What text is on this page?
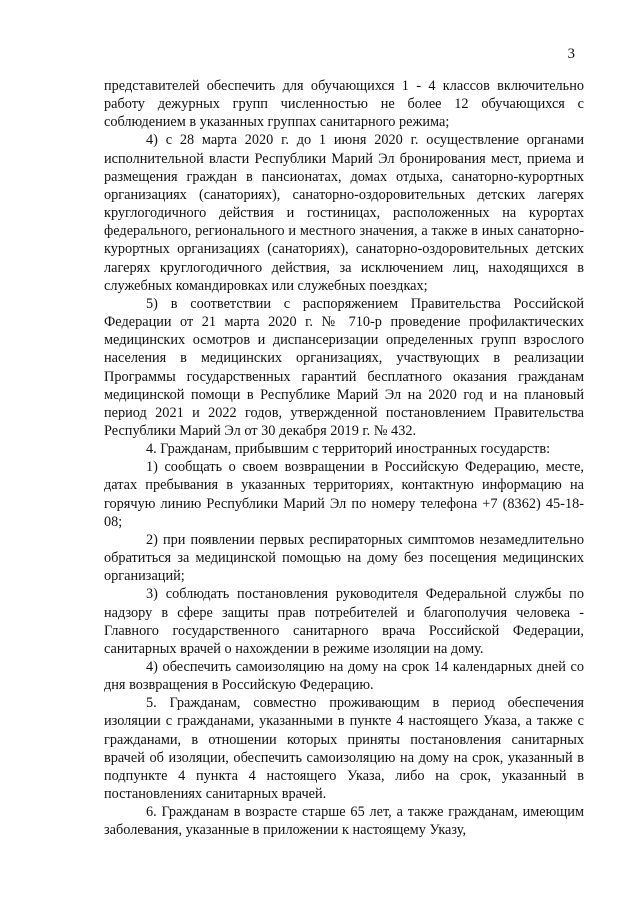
3

представителей обеспечить для обучающихся 1 - 4 классов включительно работу дежурных групп численностью не более 12 обучающихся с соблюдением в указанных группах санитарного режима;

4) с 28 марта 2020 г. до 1 июня 2020 г. осуществление органами исполнительной власти Республики Марий Эл бронирования мест, приема и размещения граждан в пансионатах, домах отдыха, санаторно-курортных организациях (санаториях), санаторно-оздоровительных детских лагерях круглогодичного действия и гостиницах, расположенных на курортах федерального, регионального и местного значения, а также в иных санаторно-курортных организациях (санаториях), санаторно-оздоровительных детских лагерях круглогодичного действия, за исключением лиц, находящихся в служебных командировках или служебных поездках;

5) в соответствии с распоряжением Правительства Российской Федерации от 21 марта 2020 г. № 710-р проведение профилактических медицинских осмотров и диспансеризации определенных групп взрослого населения в медицинских организациях, участвующих в реализации Программы государственных гарантий бесплатного оказания гражданам медицинской помощи в Республике Марий Эл на 2020 год и на плановый период 2021 и 2022 годов, утвержденной постановлением Правительства Республики Марий Эл от 30 декабря 2019 г. № 432.

4. Гражданам, прибывшим с территорий иностранных государств:

1) сообщать о своем возвращении в Российскую Федерацию, месте, датах пребывания в указанных территориях, контактную информацию на горячую линию Республики Марий Эл по номеру телефона +7 (8362) 45-18-08;

2) при появлении первых респираторных симптомов незамедлительно обратиться за медицинской помощью на дому без посещения медицинских организаций;

3) соблюдать постановления руководителя Федеральной службы по надзору в сфере защиты прав потребителей и благополучия человека - Главного государственного санитарного врача Российской Федерации, санитарных врачей о нахождении в режиме изоляции на дому.

4) обеспечить самоизоляцию на дому на срок 14 календарных дней со дня возвращения в Российскую Федерацию.

5. Гражданам, совместно проживающим в период обеспечения изоляции с гражданами, указанными в пункте 4 настоящего Указа, а также с гражданами, в отношении которых приняты постановления санитарных врачей об изоляции, обеспечить самоизоляцию на дому на срок, указанный в подпункте 4 пункта 4 настоящего Указа, либо на срок, указанный в постановлениях санитарных врачей.

6. Гражданам в возрасте старше 65 лет, а также гражданам, имеющим заболевания, указанные в приложении к настоящему Указу,
